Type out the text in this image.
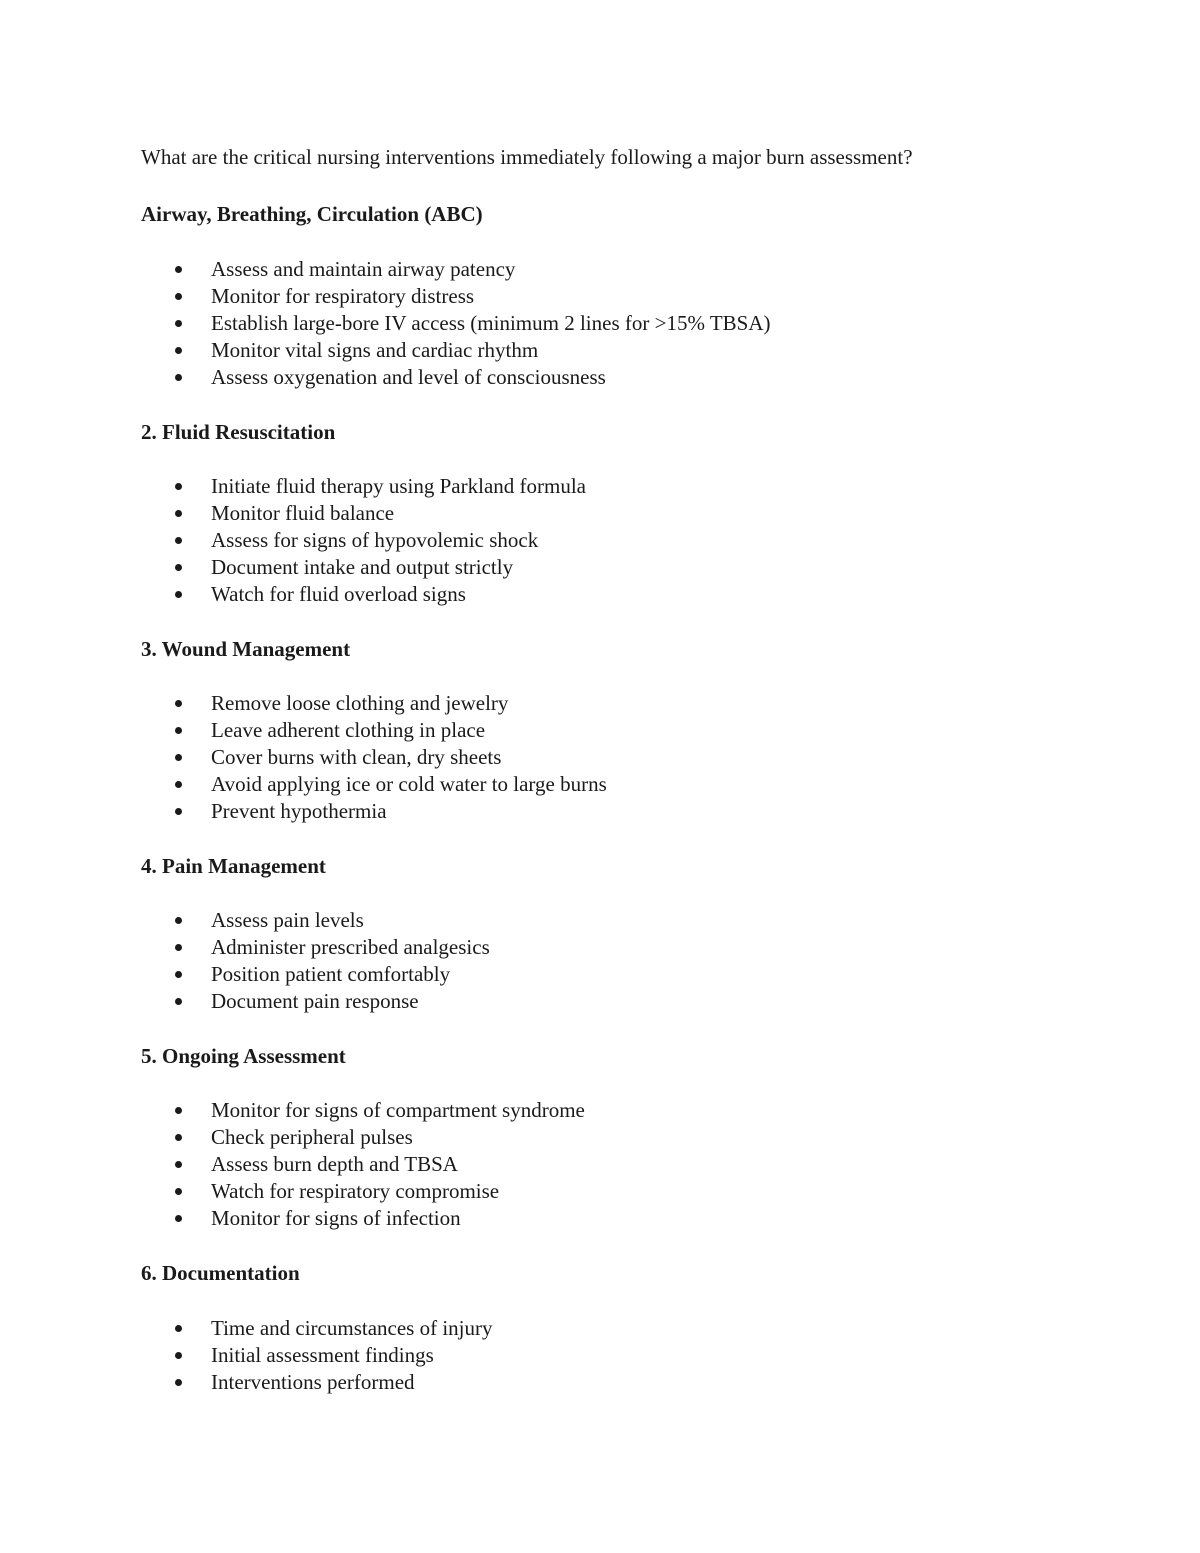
What are the critical nursing interventions immediately following a major burn assessment?
Airway, Breathing, Circulation (ABC)
Assess and maintain airway patency
Monitor for respiratory distress
Establish large-bore IV access (minimum 2 lines for >15% TBSA)
Monitor vital signs and cardiac rhythm
Assess oxygenation and level of consciousness
2. Fluid Resuscitation
Initiate fluid therapy using Parkland formula
Monitor fluid balance
Assess for signs of hypovolemic shock
Document intake and output strictly
Watch for fluid overload signs
3. Wound Management
Remove loose clothing and jewelry
Leave adherent clothing in place
Cover burns with clean, dry sheets
Avoid applying ice or cold water to large burns
Prevent hypothermia
4. Pain Management
Assess pain levels
Administer prescribed analgesics
Position patient comfortably
Document pain response
5. Ongoing Assessment
Monitor for signs of compartment syndrome
Check peripheral pulses
Assess burn depth and TBSA
Watch for respiratory compromise
Monitor for signs of infection
6. Documentation
Time and circumstances of injury
Initial assessment findings
Interventions performed
